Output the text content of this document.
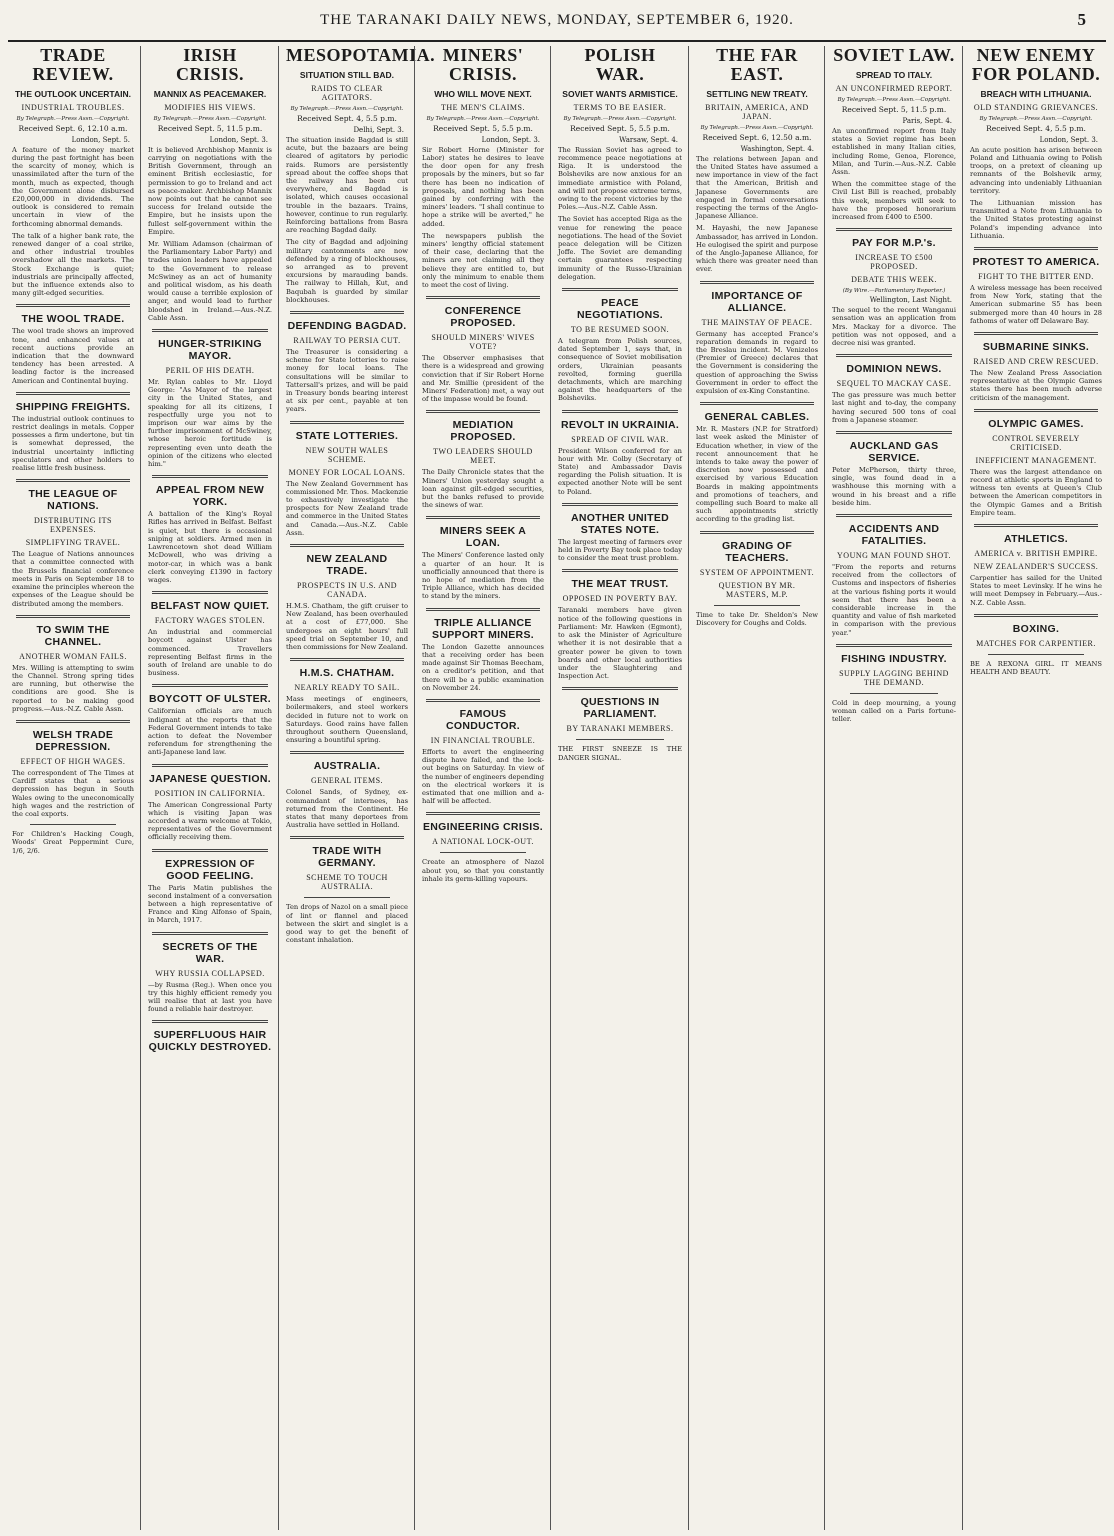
THE TARANAKI DAILY NEWS, MONDAY, SEPTEMBER 6, 1920.	5
TRADE REVIEW.
THE OUTLOOK UNCERTAIN.
INDUSTRIAL TROUBLES.
By Telegraph.—Press Assn.—Copyright.
Received Sept. 6, 12.10 a.m.
London, Sept. 5.

A feature of the money market during the past fortnight has been the scarcity of money, which is unassimilated after the turn of the month, much as expected, though the Government alone disbursed £20,000,000 in dividends. The outlook is considered to remain uncertain in view of the forthcoming abnormal demands.

The talk of a higher bank rate, the renewed danger of a coal strike, and other industrial troubles overshadow all the markets. The Stock Exchange is quiet; industrials are principally affected, but the influence extends also to many gilt-edged securities.

THE WOOL TRADE.

The wool trade shows an improved tone, and enhanced values at recent auctions provide an indication that the downward tendency has been arrested. A leading factor is the increased American and Continental buying.

SHIPPING FREIGHTS.

The industrial outlook continues to restrict dealings in metals. Copper possesses a firm undertone, but tin is somewhat depressed, the industrial uncertainty inflicting speculators and other holders to realise little fresh business.

THE LEAGUE OF NATIONS.
DISTRIBUTING ITS EXPENSES.
SIMPLIFYING TRAVEL.

The League of Nations announces that a committee connected with the Brussels financial conference meets in Paris on September 18 to examine the principles whereon the expenses of the League should be distributed among the members.

TO SWIM THE CHANNEL.
ANOTHER WOMAN FAILS.

Mrs. Willing is attempting to swim the Channel. Strong spring tides are running, but otherwise the conditions are good. She is reported to be making good progress.—Aus.-N.Z. Cable Assn.

WELSH TRADE DEPRESSION.
EFFECT OF HIGH WAGES.

The correspondent of The Times at Cardiff states that a serious depression has begun in South Wales owing to the uneconomically high wages and the restriction of the coal exports.

For Children's Hacking Cough, Woods' Great Peppermint Cure, 1/6, 2/6.

IRISH CRISIS.
MANNIX AS PEACEMAKER.
MODIFIES HIS VIEWS.
By Telegraph.—Press Assn.—Copyright.
Received Sept. 5, 11.5 p.m.
London, Sept. 3.

It is believed Archbishop Mannix is carrying on negotiations with the British Government, through an eminent British ecclesiastic, for permission to go to Ireland and act as peace-maker. Archbishop Mannix now points out that he cannot see success for Ireland outside the Empire, but he insists upon the fullest self-government within the Empire.

Mr. William Adamson (chairman of the Parliamentary Labor Party) and trades union leaders have appealed to the Government to release McSwiney as an act of humanity and political wisdom, as his death would cause a terrible explosion of anger, and would lead to further bloodshed in Ireland.—Aus.-N.Z. Cable Assn.

HUNGER-STRIKING MAYOR.
PERIL OF HIS DEATH.

Mr. Rylan cables to Mr. Lloyd George: "As Mayor of the largest city in the United States, and speaking for all its citizens, I respectfully urge you not to imprison our war aims by the further imprisonment of McSwiney, whose heroic fortitude is representing even unto death the opinion of the citizens who elected him."

APPEAL FROM NEW YORK.

A battalion of the King's Royal Rifles has arrived in Belfast. Belfast is quiet, but there is occasional sniping at soldiers. Armed men in Lawrencetown shot dead William McDowell, who was driving a motor-car, in which was a bank clerk conveying £1390 in factory wages.

BELFAST NOW QUIET.
FACTORY WAGES STOLEN.

An industrial and commercial boycott against Ulster has commenced. Travellers representing Belfast firms in the south of Ireland are unable to do business.

BOYCOTT OF ULSTER.

Californian officials are much indignant at the reports that the Federal Government intends to take action to defeat the November referendum for strengthening the anti-Japanese land law.

JAPANESE QUESTION.
POSITION IN CALIFORNIA.

The American Congressional Party which is visiting Japan was accorded a warm welcome at Tokio, representatives of the Government officially receiving them.

EXPRESSION OF GOOD FEELING.

The Paris Matin publishes the second instalment of a conversation between a high representative of France and King Alfonso of Spain, in March, 1917.

SECRETS OF THE WAR.
WHY RUSSIA COLLAPSED.

—by Rusma (Reg.). When once you try this highly efficient remedy you will realise that at last you have found a reliable hair destroyer.

SUPERFLUOUS HAIR QUICKLY DESTROYED.
MESOPOTAMIA.
SITUATION STILL BAD.
RAIDS TO CLEAR AGITATORS.
By Telegraph.—Press Assn.—Copyright.
Received Sept. 4, 5.5 p.m.
Delhi, Sept. 3.

The situation inside Bagdad is still acute, but the bazaars are being cleared of agitators by periodic raids. Rumors are persistently spread about the coffee shops that the railway has been cut everywhere, and Bagdad is isolated, which causes occasional trouble in the bazaars. Trains, however, continue to run regularly. Reinforcing battalions from Basra are reaching Bagdad daily.

The city of Bagdad and adjoining military cantonments are now defended by a ring of blockhouses, so arranged as to prevent excursions by marauding bands. The railway to Hillah, Kut, and Baqubah is guarded by similar blockhouses.

DEFENDING BAGDAD.
RAILWAY TO PERSIA CUT.

The Treasurer is considering a scheme for State lotteries to raise money for local loans. The consultations will be similar to Tattersall's prizes, and will be paid in Treasury bonds bearing interest at six per cent., payable at ten years.

STATE LOTTERIES.
NEW SOUTH WALES SCHEME.
MONEY FOR LOCAL LOANS.

The New Zealand Government has commissioned Mr. Thos. Mackenzie to exhaustively investigate the prospects for New Zealand trade and commerce in the United States and Canada.—Aus.-N.Z. Cable Assn.

NEW ZEALAND TRADE.
PROSPECTS IN U.S. AND CANADA.

H.M.S. Chatham, the gift cruiser to New Zealand, has been overhauled at a cost of £77,000. She undergoes an eight hours' full speed trial on September 10, and then commissions for New Zealand.

H.M.S. CHATHAM.
NEARLY READY TO SAIL.

Mass meetings of engineers, boilermakers, and steel workers decided in future not to work on Saturdays. Good rains have fallen throughout southern Queensland, ensuring a bountiful spring.

AUSTRALIA.
GENERAL ITEMS.

Colonel Sands, of Sydney, ex-commandant of internees, has returned from the Continent. He states that many deportees from Australia have settled in Holland.

TRADE WITH GERMANY.
SCHEME TO TOUCH AUSTRALIA.

Ten drops of Nazol on a small piece of lint or flannel and placed between the skirt and singlet is a good way to get the benefit of constant inhalation.

MINERS' CRISIS.
WHO WILL MOVE NEXT.
THE MEN'S CLAIMS.
By Telegraph.—Press Assn.—Copyright.
Received Sept. 5, 5.5 p.m.
London, Sept. 3.

Sir Robert Horne (Minister for Labor) states he desires to leave the door open for any fresh proposals by the miners, but so far there has been no indication of proposals, and nothing has been gained by conferring with the miners' leaders. "I shall continue to hope a strike will be averted," he added.

The newspapers publish the miners' lengthy official statement of their case, declaring that the miners are not claiming all they believe they are entitled to, but only the minimum to enable them to meet the cost of living.

CONFERENCE PROPOSED.
SHOULD MINERS' WIVES VOTE?

The Observer emphasises that there is a widespread and growing conviction that if Sir Robert Horne and Mr. Smillie (president of the Miners' Federation) met, a way out of the impasse would be found.

MEDIATION PROPOSED.
TWO LEADERS SHOULD MEET.

The Daily Chronicle states that the Miners' Union yesterday sought a loan against gilt-edged securities, but the banks refused to provide the sinews of war.

MINERS SEEK A LOAN.

The Miners' Conference lasted only a quarter of an hour. It is unofficially announced that there is no hope of mediation from the Triple Alliance, which has decided to stand by the miners.

TRIPLE ALLIANCE SUPPORT MINERS.

The London Gazette announces that a receiving order has been made against Sir Thomas Beecham, on a creditor's petition, and that there will be a public examination on November 24.

FAMOUS CONDUCTOR.
IN FINANCIAL TROUBLE.

Efforts to avert the engineering dispute have failed, and the lock-out begins on Saturday. In view of the number of engineers depending on the electrical workers it is estimated that one million and a-half will be affected.

ENGINEERING CRISIS.
A NATIONAL LOCK-OUT.

Create an atmosphere of Nazol about you, so that you constantly inhale its germ-killing vapours.

POLISH WAR.
SOVIET WANTS ARMISTICE.
TERMS TO BE EASIER.
By Telegraph.—Press Assn.—Copyright.
Received Sept. 5, 5.5 p.m.
Warsaw, Sept. 4.

The Russian Soviet has agreed to recommence peace negotiations at Riga. It is understood the Bolsheviks are now anxious for an immediate armistice with Poland, and will not propose extreme terms, owing to the recent victories by the Poles.—Aus.-N.Z. Cable Assn.

The Soviet has accepted Riga as the venue for renewing the peace negotiations. The head of the Soviet peace delegation will be Citizen Joffe. The Soviet are demanding certain guarantees respecting immunity of the Russo-Ukrainian delegation.

PEACE NEGOTIATIONS.
TO BE RESUMED SOON.

A telegram from Polish sources, dated September 1, says that, in consequence of Soviet mobilisation orders, Ukrainian peasants revolted, forming guerilla detachments, which are marching against the headquarters of the Bolsheviks.

REVOLT IN UKRAINIA.
SPREAD OF CIVIL WAR.

President Wilson conferred for an hour with Mr. Colby (Secretary of State) and Ambassador Davis regarding the Polish situation. It is expected another Note will be sent to Poland.

ANOTHER UNITED STATES NOTE.

The largest meeting of farmers ever held in Poverty Bay took place today to consider the meat trust problem.

THE MEAT TRUST.
OPPOSED IN POVERTY BAY.

Taranaki members have given notice of the following questions in Parliament: Mr. Hawken (Egmont), to ask the Minister of Agriculture whether it is not desirable that a greater power be given to town boards and other local authorities under the Slaughtering and Inspection Act.

QUESTIONS IN PARLIAMENT.
BY TARANAKI MEMBERS.

THE FIRST SNEEZE IS THE DANGER SIGNAL.

THE FAR EAST.
SETTLING NEW TREATY.
BRITAIN, AMERICA, AND JAPAN.
By Telegraph.—Press Assn.—Copyright.
Received Sept. 6, 12.50 a.m.
Washington, Sept. 4.

The relations between Japan and the United States have assumed a new importance in view of the fact that the American, British and Japanese Governments are engaged in formal conversations respecting the terms of the Anglo-Japanese Alliance.

M. Hayashi, the new Japanese Ambassador, has arrived in London. He eulogised the spirit and purpose of the Anglo-Japanese Alliance, for which there was greater need than ever.

IMPORTANCE OF ALLIANCE.
THE MAINSTAY OF PEACE.

Germany has accepted France's reparation demands in regard to the Breslau incident. M. Venizelos (Premier of Greece) declares that the Government is considering the question of approaching the Swiss Government in order to effect the expulsion of ex-King Constantine.

GENERAL CABLES.

Mr. R. Masters (N.P. for Stratford) last week asked the Minister of Education whether, in view of the recent announcement that he intends to take away the power of discretion now possessed and exercised by various Education Boards in making appointments and promotions of teachers, and compelling such Board to make all such appointments strictly according to the grading list.

GRADING OF TEACHERS.
SYSTEM OF APPOINTMENT.
QUESTION BY MR. MASTERS, M.P.

Time to take Dr. Sheldon's New Discovery for Coughs and Colds.

SOVIET LAW.
SPREAD TO ITALY.
AN UNCONFIRMED REPORT.
By Telegraph.—Press Assn.—Copyright.
Received Sept. 5, 11.5 p.m.
Paris, Sept. 4.

An unconfirmed report from Italy states a Soviet regime has been established in many Italian cities, including Rome, Genoa, Florence, Milan, and Turin.—Aus.-N.Z. Cable Assn.

When the committee stage of the Civil List Bill is reached, probably this week, members will seek to have the proposed honorarium increased from £400 to £500.

PAY FOR M.P.'s.
INCREASE TO £500 PROPOSED.
DEBATE THIS WEEK.
(By Wire.—Parliamentary Reporter.)
Wellington, Last Night.

The sequel to the recent Wanganui sensation was an application from Mrs. Mackay for a divorce. The petition was not opposed, and a decree nisi was granted.

DOMINION NEWS.
SEQUEL TO MACKAY CASE.

The gas pressure was much better last night and to-day, the company having secured 500 tons of coal from a Japanese steamer.

AUCKLAND GAS SERVICE.

Peter McPherson, thirty three, single, was found dead in a washhouse this morning with a wound in his breast and a rifle beside him.

ACCIDENTS AND FATALITIES.
YOUNG MAN FOUND SHOT.

"From the reports and returns received from the collectors of Customs and inspectors of fisheries at the various fishing ports it would seem that there has been a considerable increase in the quantity and value of fish marketed in comparison with the previous year."

FISHING INDUSTRY.
SUPPLY LAGGING BEHIND THE DEMAND.

Cold in deep mourning, a young woman called on a Paris fortune-teller.

NEW ENEMY FOR POLAND.
BREACH WITH LITHUANIA.
OLD STANDING GRIEVANCES.
By Telegraph.—Press Assn.—Copyright.
Received Sept. 4, 5.5 p.m.
London, Sept. 3.

An acute position has arisen between Poland and Lithuania owing to Polish troops, on a pretext of cleaning up remnants of the Bolshevik army, advancing into undeniably Lithuanian territory.

The Lithuanian mission has transmitted a Note from Lithuania to the United States protesting against Poland's impending advance into Lithuania.

PROTEST TO AMERICA.
FIGHT TO THE BITTER END.

A wireless message has been received from New York, stating that the American submarine S5 has been submerged more than 40 hours in 28 fathoms of water off Delaware Bay.

SUBMARINE SINKS.
RAISED AND CREW RESCUED.

The New Zealand Press Association representative at the Olympic Games states there has been much adverse criticism of the management.

OLYMPIC GAMES.
CONTROL SEVERELY CRITICISED.
INEFFICIENT MANAGEMENT.

There was the largest attendance on record at athletic sports in England to witness ten events at Queen's Club between the American competitors in the Olympic Games and a British Empire team.

ATHLETICS.
AMERICA v. BRITISH EMPIRE.
NEW ZEALANDER'S SUCCESS.

Carpentier has sailed for the United States to meet Levinsky. If he wins he will meet Dempsey in February.—Aus.-N.Z. Cable Assn.

BOXING.
MATCHES FOR CARPENTIER.

BE A REXONA GIRL. IT MEANS HEALTH AND BEAUTY.
